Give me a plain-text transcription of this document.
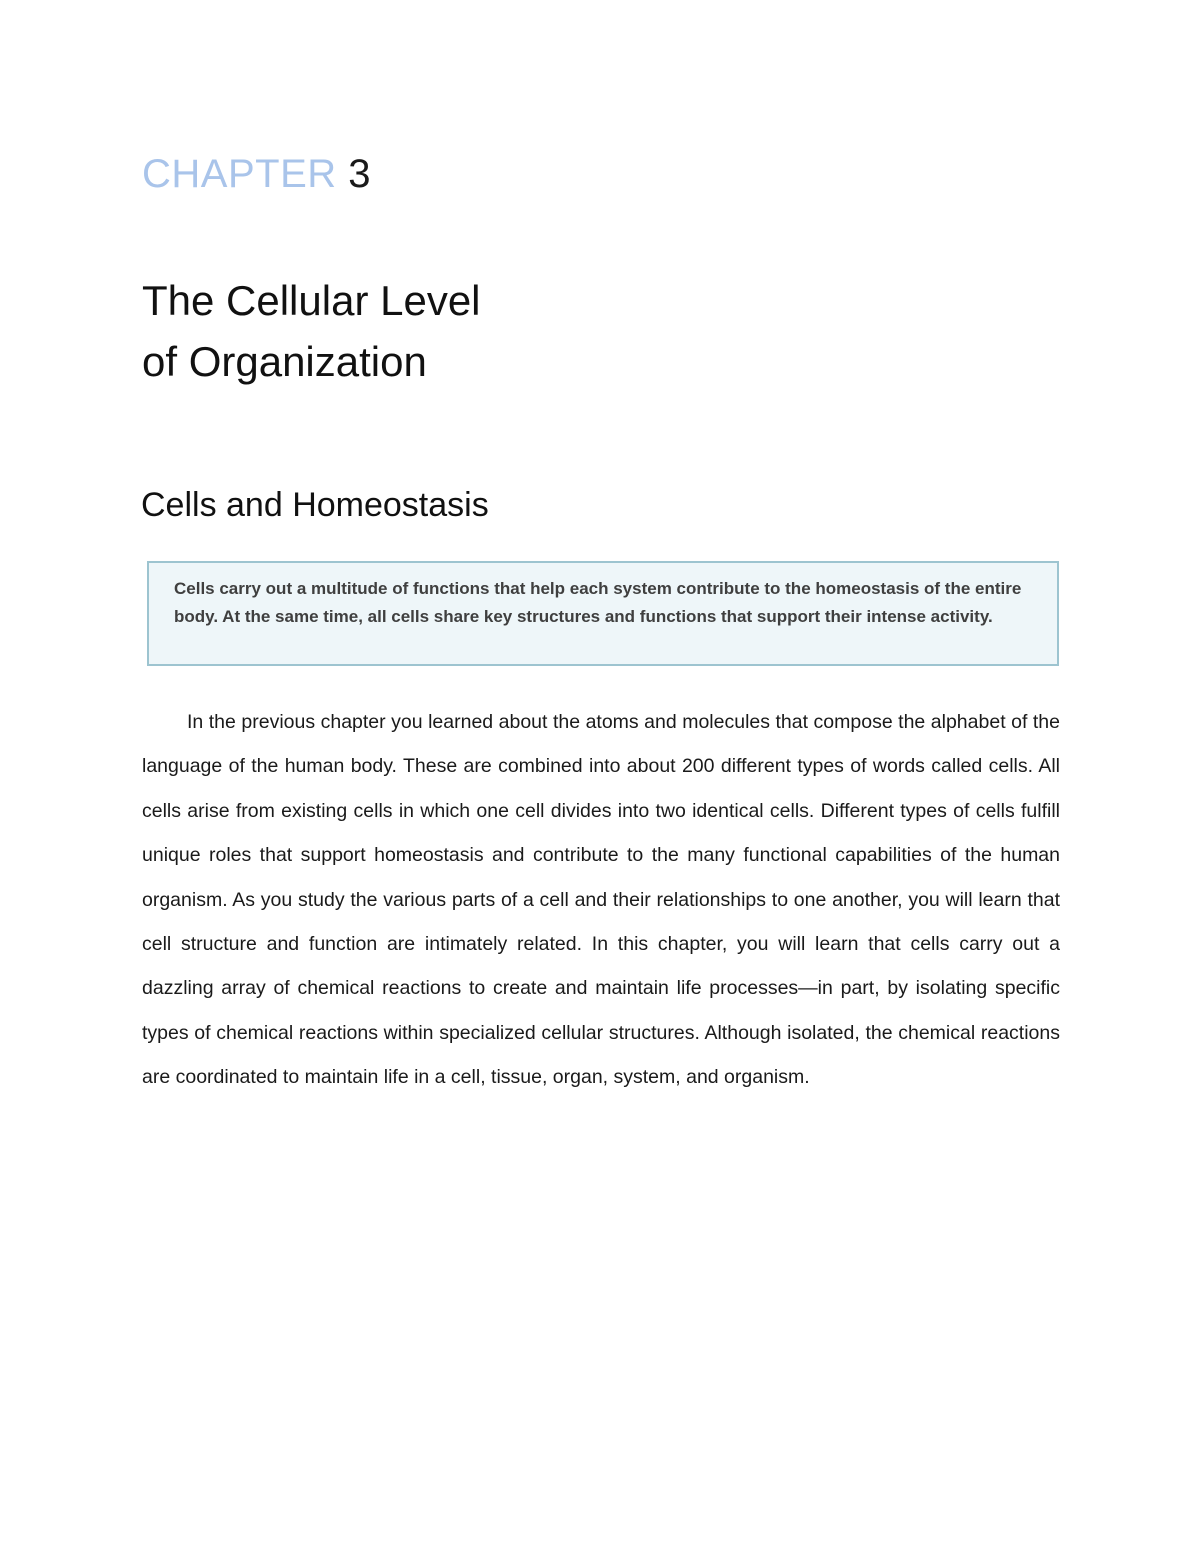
CHAPTER 3
The Cellular Level
of Organization
Cells and Homeostasis

Cells carry out a multitude of functions that help each system contribute to the homeostasis of the entire body. At the same time, all cells share key structures and functions that support their intense activity.

In the previous chapter you learned about the atoms and molecules that compose the alphabet of the language of the human body. These are combined into about 200 different types of words called cells. All cells arise from existing cells in which one cell divides into two identical cells. Different types of cells fulfill unique roles that support homeostasis and contribute to the many functional capabilities of the human organism. As you study the various parts of a cell and their relationships to one another, you will learn that cell structure and function are intimately related. In this chapter, you will learn that cells carry out a dazzling array of chemical reactions to create and maintain life processes—in part, by isolating specific types of chemical reactions within specialized cellular structures. Although isolated, the chemical reactions are coordinated to maintain life in a cell, tissue, organ, system, and organism.
